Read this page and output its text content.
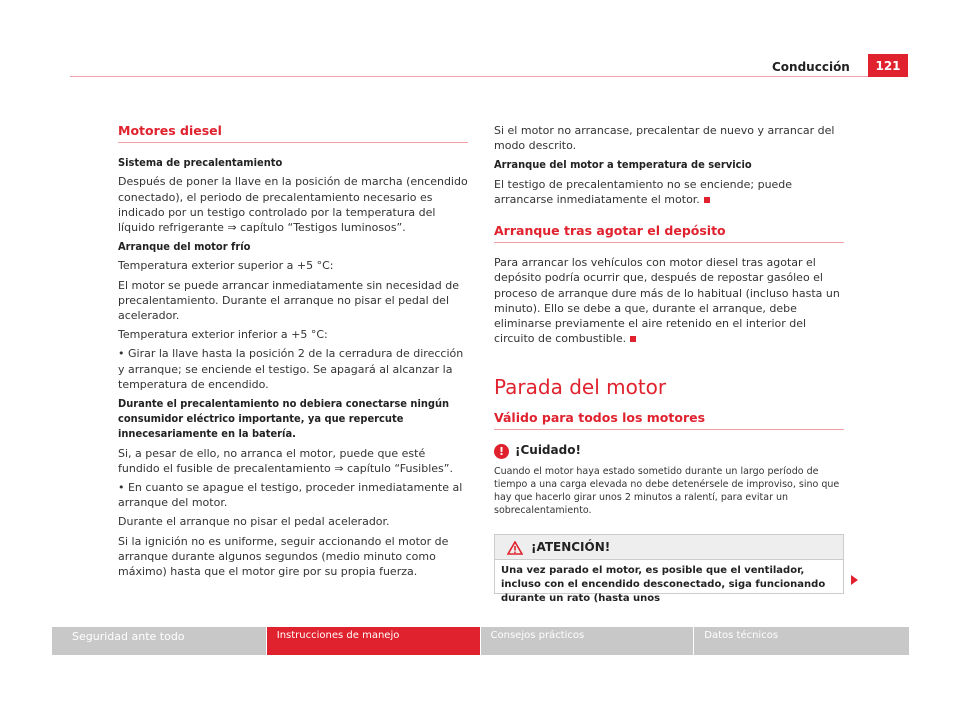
Conducción	121
Motores diesel

Sistema de precalentamiento

Después de poner la llave en la posición de marcha (encendido conectado), el periodo de precalentamiento necesario es indicado por un testigo controlado por la temperatura del líquido refrigerante ⇒ capítulo “Testigos luminosos”.

Arranque del motor frío

Temperatura exterior superior a +5 °C:

El motor se puede arrancar inmediatamente sin necesidad de precalentamiento. Durante el arranque no pisar el pedal del acelerador.

Temperatura exterior inferior a +5 °C:

• Girar la llave hasta la posición 2 de la cerradura de dirección y arranque; se enciende el testigo. Se apagará al alcanzar la temperatura de encendido.

Durante el precalentamiento no debiera conectarse ningún consumidor eléctrico importante, ya que repercute innecesariamente en la batería.

Si, a pesar de ello, no arranca el motor, puede que esté fundido el fusible de precalentamiento ⇒ capítulo “Fusibles”.

• En cuanto se apague el testigo, proceder inmediatamente al arranque del motor.

Durante el arranque no pisar el pedal acelerador.

Si la ignición no es uniforme, seguir accionando el motor de arranque durante algunos segundos (medio minuto como máximo) hasta que el motor gire por su propia fuerza.

Si el motor no arrancase, precalentar de nuevo y arrancar del modo descrito.

Arranque del motor a temperatura de servicio

El testigo de precalentamiento no se enciende; puede arrancarse inmediatamente el motor.

Arranque tras agotar el depósito

Para arrancar los vehículos con motor diesel tras agotar el depósito podría ocurrir que, después de repostar gasóleo el proceso de arranque dure más de lo habitual (incluso hasta un minuto). Ello se debe a que, durante el arranque, debe eliminarse previamente el aire retenido en el interior del circuito de combustible.

Parada del motor
Válido para todos los motores
! ¡Cuidado!
Cuando el motor haya estado sometido durante un largo período de tiempo a una carga elevada no debe detenérsele de improviso, sino que hay que hacerlo girar unos 2 minutos a ralentí, para evitar un sobrecalentamiento.
¡ATENCIÓN!
Una vez parado el motor, es posible que el ventilador, incluso con el encendido desconectado, siga funcionando durante un rato (hasta unos
Seguridad ante todo	Instrucciones de manejo	Consejos prácticos	Datos técnicos
